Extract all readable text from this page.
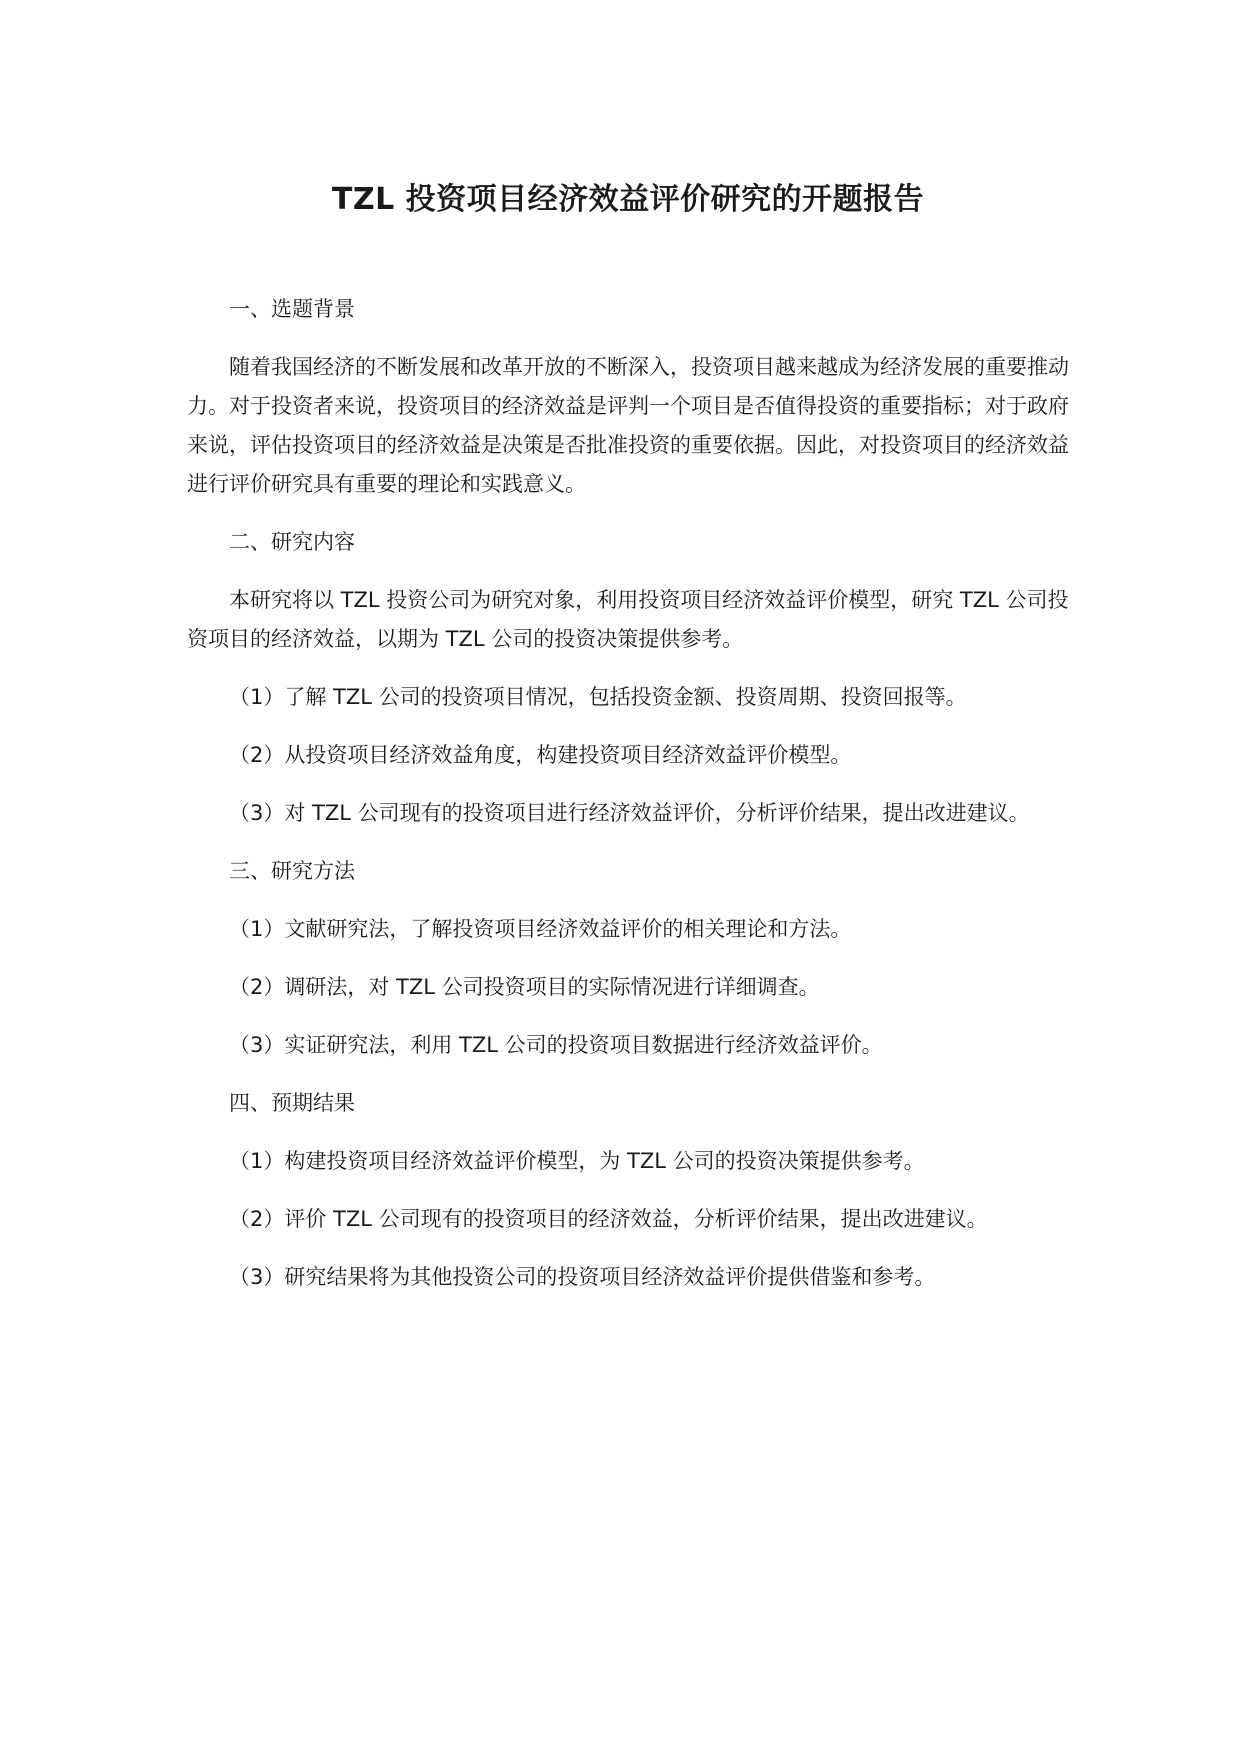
TZL 投资项目经济效益评价研究的开题报告
一、选题背景
随着我国经济的不断发展和改革开放的不断深入，投资项目越来越成为经济发展的重要推动力。对于投资者来说，投资项目的经济效益是评判一个项目是否值得投资的重要指标；对于政府来说，评估投资项目的经济效益是决策是否批准投资的重要依据。因此，对投资项目的经济效益进行评价研究具有重要的理论和实践意义。
二、研究内容
本研究将以 TZL 投资公司为研究对象，利用投资项目经济效益评价模型，研究 TZL 公司投资项目的经济效益，以期为 TZL 公司的投资决策提供参考。
（1）了解 TZL 公司的投资项目情况，包括投资金额、投资周期、投资回报等。
（2）从投资项目经济效益角度，构建投资项目经济效益评价模型。
（3）对 TZL 公司现有的投资项目进行经济效益评价，分析评价结果，提出改进建议。
三、研究方法
（1）文献研究法，了解投资项目经济效益评价的相关理论和方法。
（2）调研法，对 TZL 公司投资项目的实际情况进行详细调查。
（3）实证研究法，利用 TZL 公司的投资项目数据进行经济效益评价。
四、预期结果
（1）构建投资项目经济效益评价模型，为 TZL 公司的投资决策提供参考。
（2）评价 TZL 公司现有的投资项目的经济效益，分析评价结果，提出改进建议。
（3）研究结果将为其他投资公司的投资项目经济效益评价提供借鉴和参考。
